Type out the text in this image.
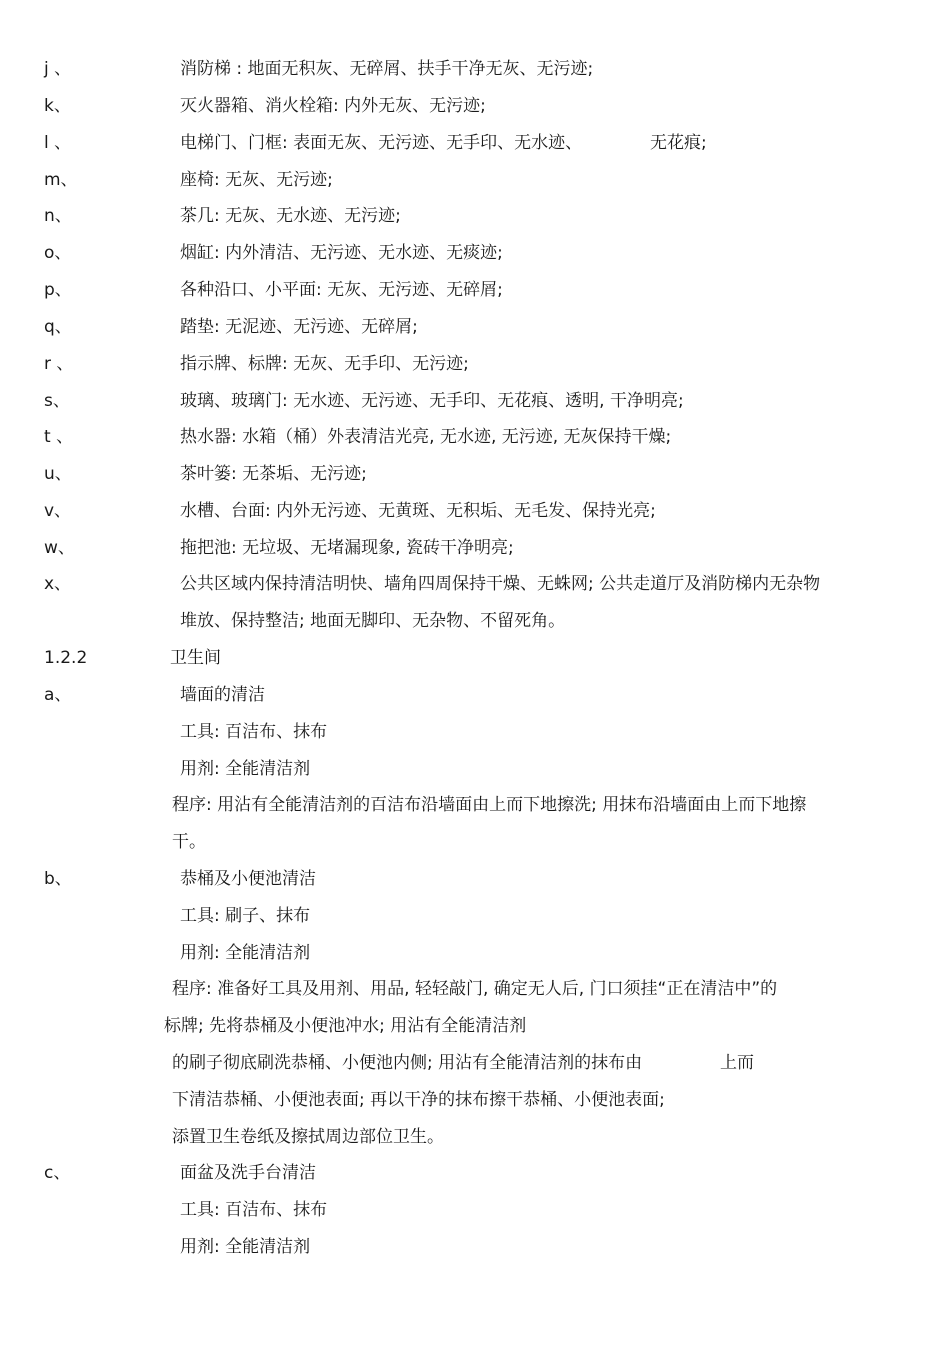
j 、	消防梯 : 地面无积灰、无碎屑、扶手干净无灰、无污迹;
k、	灭火器箱、消火栓箱: 内外无灰、无污迹;
l 、	电梯门、门框: 表面无灰、无污迹、无手印、无水迹、	无花痕;
m、	座椅: 无灰、无污迹;
n、	茶几: 无灰、无水迹、无污迹;
o、	烟缸: 内外清洁、无污迹、无水迹、无痰迹;
p、	各种沿口、小平面: 无灰、无污迹、无碎屑;
q、	踏垫: 无泥迹、无污迹、无碎屑;
r 、	指示牌、标牌: 无灰、无手印、无污迹;
s、	玻璃、玻璃门: 无水迹、无污迹、无手印、无花痕、透明, 干净明亮;
t 、	热水器: 水箱（桶）外表清洁光亮, 无水迹, 无污迹, 无灰保持干燥;
u、	茶叶篓: 无茶垢、无污迹;
v、	水槽、台面: 内外无污迹、无黄斑、无积垢、无毛发、保持光亮;
w、	拖把池: 无垃圾、无堵漏现象, 瓷砖干净明亮;
x、	公共区域内保持清洁明快、墙角四周保持干燥、无蛛网; 公共走道厅及消防梯内无杂物
堆放、保持整洁; 地面无脚印、无杂物、不留死角。
1.2.2	卫生间
a、	墙面的清洁
工具: 百洁布、抹布
用剂: 全能清洁剂
程序: 用沾有全能清洁剂的百洁布沿墙面由上而下地擦洗; 用抹布沿墙面由上而下地擦
干。
b、	恭桶及小便池清洁
工具: 刷子、抹布
用剂: 全能清洁剂
程序: 准备好工具及用剂、用品, 轻轻敲门, 确定无人后, 门口须挂“正在清洁中”的
标牌; 先将恭桶及小便池冲水; 用沾有全能清洁剂
的刷子彻底刷洗恭桶、小便池内侧; 用沾有全能清洁剂的抹布由	上而
下清洁恭桶、小便池表面; 再以干净的抹布擦干恭桶、小便池表面;
添置卫生卷纸及擦拭周边部位卫生。
c、	面盆及洗手台清洁
工具: 百洁布、抹布
用剂: 全能清洁剂
